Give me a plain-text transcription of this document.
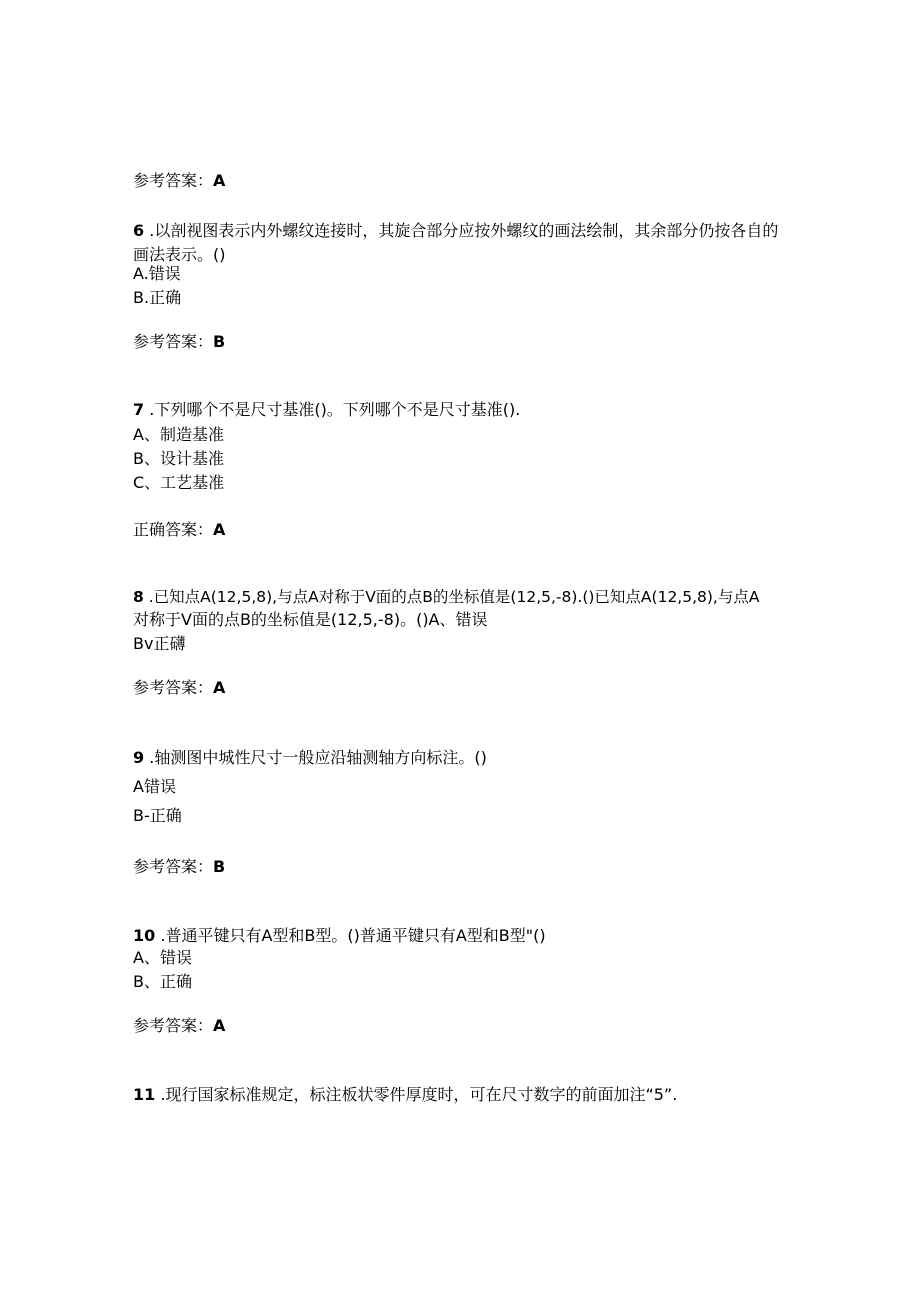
参考答案：A
6 .以剖视图表示内外螺纹连接时，其旋合部分应按外螺纹的画法绘制，其余部分仍按各自的画法表示。()
A.错误
B.正确
参考答案：B
7 .下列哪个不是尺寸基准()。下列哪个不是尺寸基准().
A、制造基准
B、设计基准
C、工艺基准
正确答案：A
8 .已知点A(12,5,8),与点A对称于V面的点B的坐标值是(12,5,-8).()已知点A(12,5,8),与点A
对称于V面的点B的坐标值是(12,5,-8)。()A、错误
Bv正礴
参考答案：A
9 .轴测图中城性尺寸一般应沿轴测轴方向标注。()
A错误
B-正确
参考答案：B
10 .普通平键只有A型和B型。()普通平键只有A型和B型"()
A、错误
B、正确
参考答案：A
11 .现行国家标准规定，标注板状零件厚度时，可在尺寸数字的前面加注“5”.
